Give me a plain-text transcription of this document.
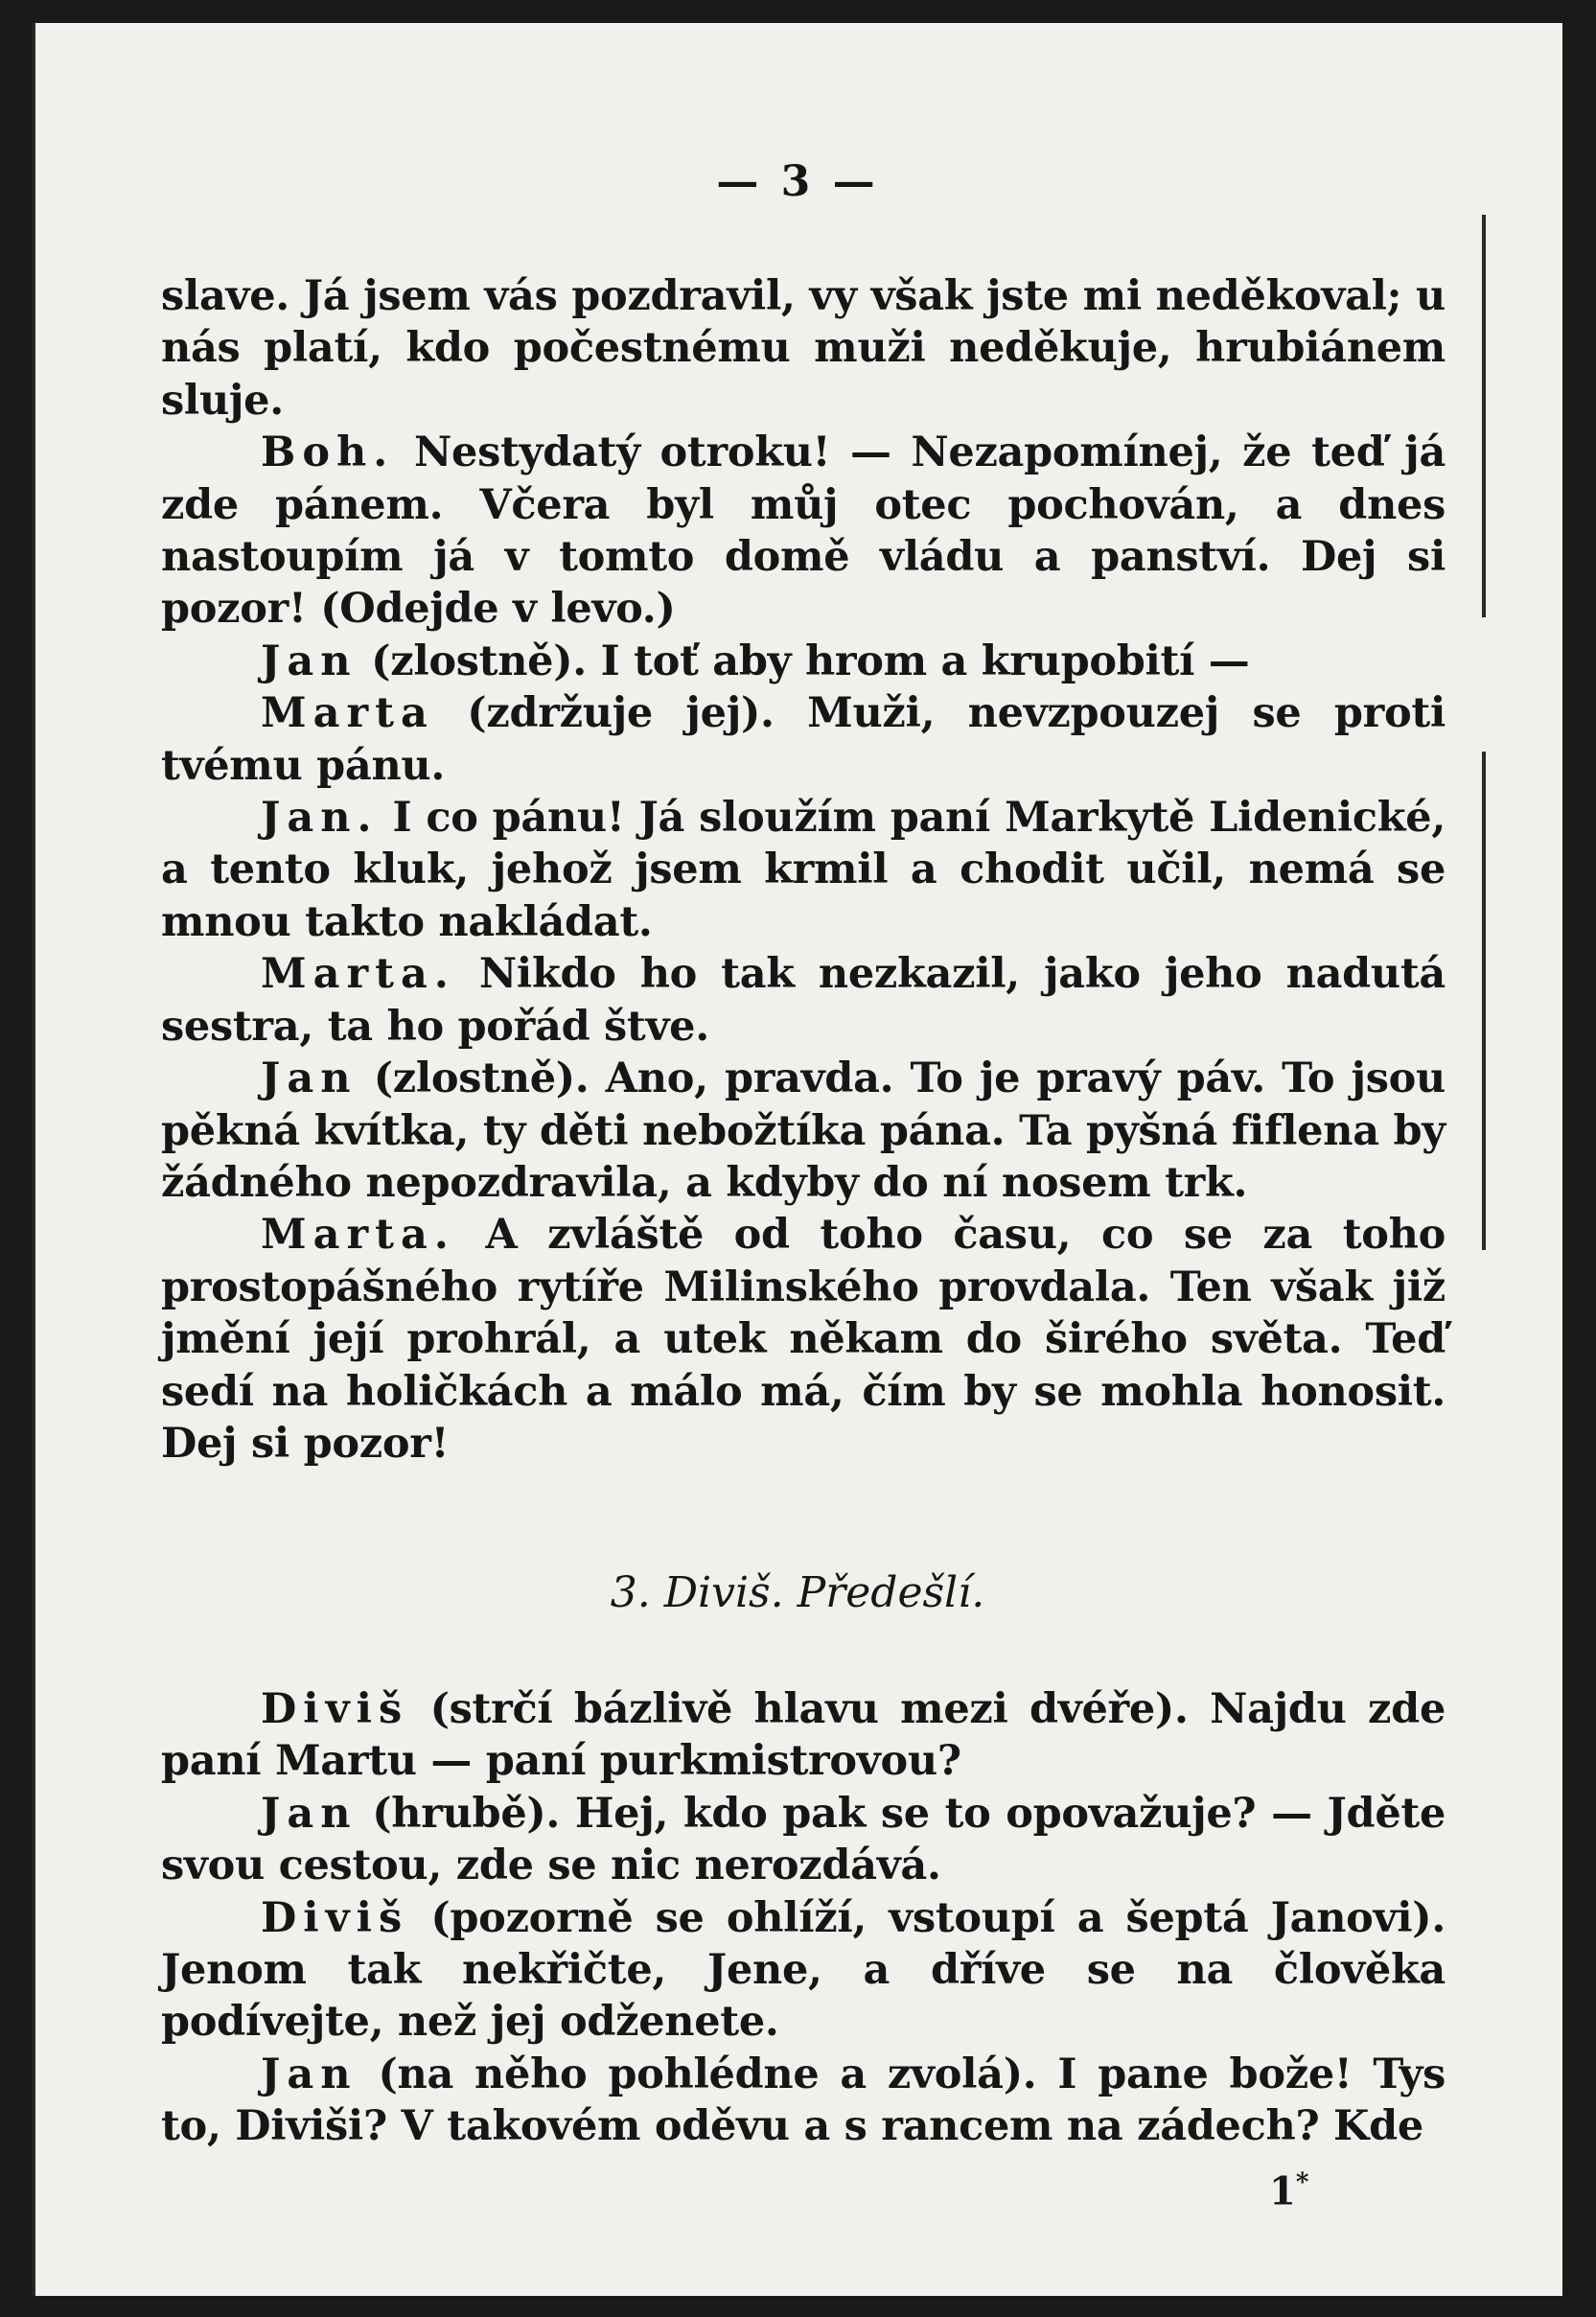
— 3 —

slave. Já jsem vás pozdravil, vy však jste mi neděkoval; u nás platí, kdo počestnému muži neděkuje, hrubiánem sluje.

Boh. Nestydatý otroku! — Nezapomínej, že teď já zde pánem. Včera byl můj otec pochován, a dnes nastoupím já v tomto domě vládu a panství. Dej si pozor! (Odejde v levo.)

Jan (zlostně). I toť aby hrom a krupobití —

Marta (zdržuje jej). Muži, nevzpouzej se proti tvému pánu.

Jan. I co pánu! Já sloužím paní Markytě Lidenické, a tento kluk, jehož jsem krmil a chodit učil, nemá se mnou takto nakládat.

Marta. Nikdo ho tak nezkazil, jako jeho nadutá sestra, ta ho pořád štve.

Jan (zlostně). Ano, pravda. To je pravý páv. To jsou pěkná kvítka, ty děti nebožtíka pána. Ta pyšná fiflena by žádného nepozdravila, a kdyby do ní nosem trk.

Marta. A zvláště od toho času, co se za toho prostopášného rytíře Milinského provdala. Ten však již jmění její prohrál, a utek někam do širého světa. Teď sedí na holičkách a málo má, čím by se mohla honosit. Dej si pozor!

3. Diviš. Předešlí.

Diviš (strčí bázlivě hlavu mezi dvéře). Najdu zde paní Martu — paní purkmistrovou?

Jan (hrubě). Hej, kdo pak se to opovažuje? — Jděte svou cestou, zde se nic nerozdává.

Diviš (pozorně se ohlíží, vstoupí a šeptá Janovi). Jenom tak nekřičte, Jene, a dříve se na člověka podívejte, než jej odženete.

Jan (na něho pohlédne a zvolá). I pane bože! Tys to, Diviši? V takovém oděvu a s rancem na zádech? Kde

1*
